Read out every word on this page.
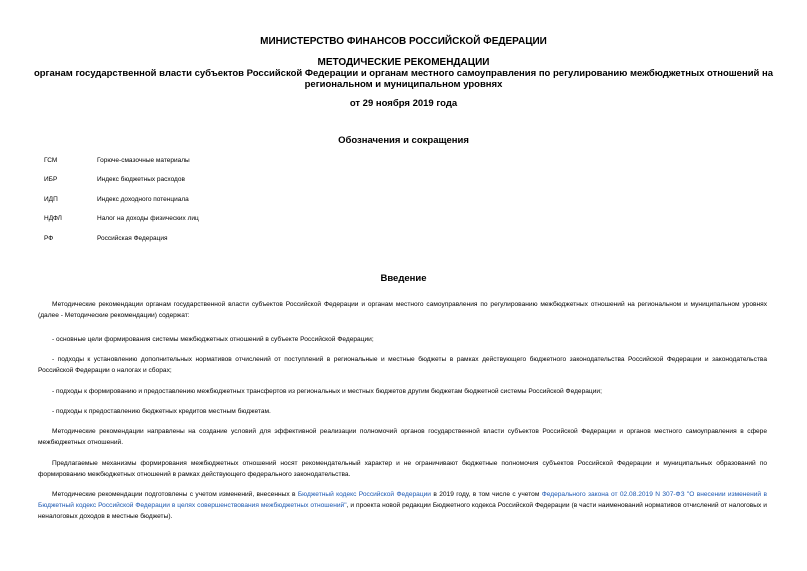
МИНИСТЕРСТВО ФИНАНСОВ РОССИЙСКОЙ ФЕДЕРАЦИИ
МЕТОДИЧЕСКИЕ РЕКОМЕНДАЦИИ
органам государственной власти субъектов Российской Федерации и органам местного самоуправления по регулированию межбюджетных отношений на региональном и муниципальном уровнях
от 29 ноября 2019 года
Обозначения и сокращения
ГСМ	Горюче-смазочные материалы
ИБР	Индекс бюджетных расходов
ИДП	Индекс доходного потенциала
НДФЛ	Налог на доходы физических лиц
РФ	Российская Федерация
Введение

Методические рекомендации органам государственной власти субъектов Российской Федерации и органам местного самоуправления по регулированию межбюджетных отношений на региональном и муниципальном уровнях (далее - Методические рекомендации) содержат:

- основные цели формирования системы межбюджетных отношений в субъекте Российской Федерации;

- подходы к установлению дополнительных нормативов отчислений от поступлений в региональные и местные бюджеты в рамках действующего бюджетного законодательства Российской Федерации и законодательства Российской Федерации о налогах и сборах;

- подходы к формированию и предоставлению межбюджетных трансфертов из региональных и местных бюджетов другим бюджетам бюджетной системы Российской Федерации;

- подходы к предоставлению бюджетных кредитов местным бюджетам.

Методические рекомендации направлены на создание условий для эффективной реализации полномочий органов государственной власти субъектов Российской Федерации и органов местного самоуправления в сфере межбюджетных отношений.

Предлагаемые механизмы формирования межбюджетных отношений носят рекомендательный характер и не ограничивают бюджетные полномочия субъектов Российской Федерации и муниципальных образований по формированию межбюджетных отношений в рамках действующего федерального законодательства.

Методические рекомендации подготовлены с учетом изменений, внесенных в Бюджетный кодекс Российской Федерации в 2019 году, в том числе с учетом Федерального закона от 02.08.2019 N 307-ФЗ "О внесении изменений в Бюджетный кодекс Российской Федерации в целях совершенствования межбюджетных отношений", и проекта новой редакции Бюджетного кодекса Российской Федерации (в части наименований нормативов отчислений от налоговых и неналоговых доходов в местные бюджеты).
